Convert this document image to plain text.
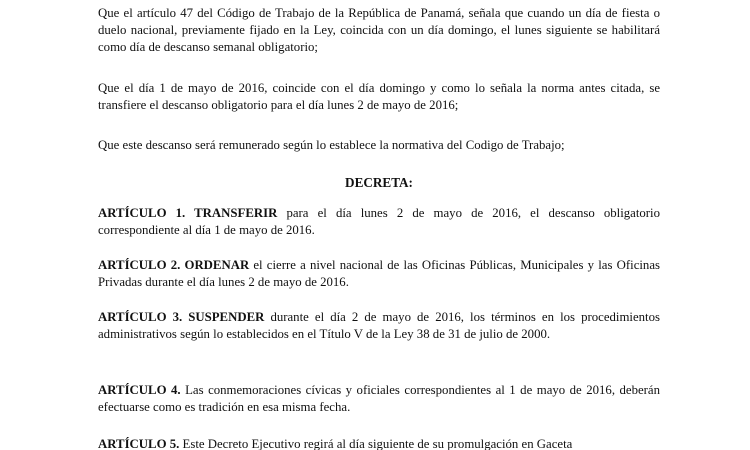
Que el artículo 47 del Código de Trabajo de la República de Panamá, señala que cuando un día de fiesta o duelo nacional, previamente fijado en la Ley, coincida con un día domingo, el lunes siguiente se habilitará como día de descanso semanal obligatorio;

Que el día 1 de mayo de 2016, coincide con el día domingo y como lo señala la norma antes citada, se transfiere el descanso obligatorio para el día lunes 2 de mayo de 2016;

Que este descanso será remunerado según lo establece la normativa del Codigo de Trabajo;

DECRETA:

ARTÍCULO 1. TRANSFERIR para el día lunes 2 de mayo de 2016, el descanso obligatorio correspondiente al día 1 de mayo de 2016.

ARTÍCULO 2. ORDENAR el cierre a nivel nacional de las Oficinas Públicas, Municipales y las Oficinas Privadas durante el día lunes 2 de mayo de 2016.

ARTÍCULO 3. SUSPENDER durante el día 2 de mayo de 2016, los términos en los procedimientos administrativos según lo establecidos en el Título V de la Ley 38 de 31 de julio de 2000.

ARTÍCULO 4. Las conmemoraciones cívicas y oficiales correspondientes al 1 de mayo de 2016, deberán efectuarse como es tradición en esa misma fecha.

ARTÍCULO 5. Este Decreto Ejecutivo regirá al día siguiente de su promulgación en Gaceta
